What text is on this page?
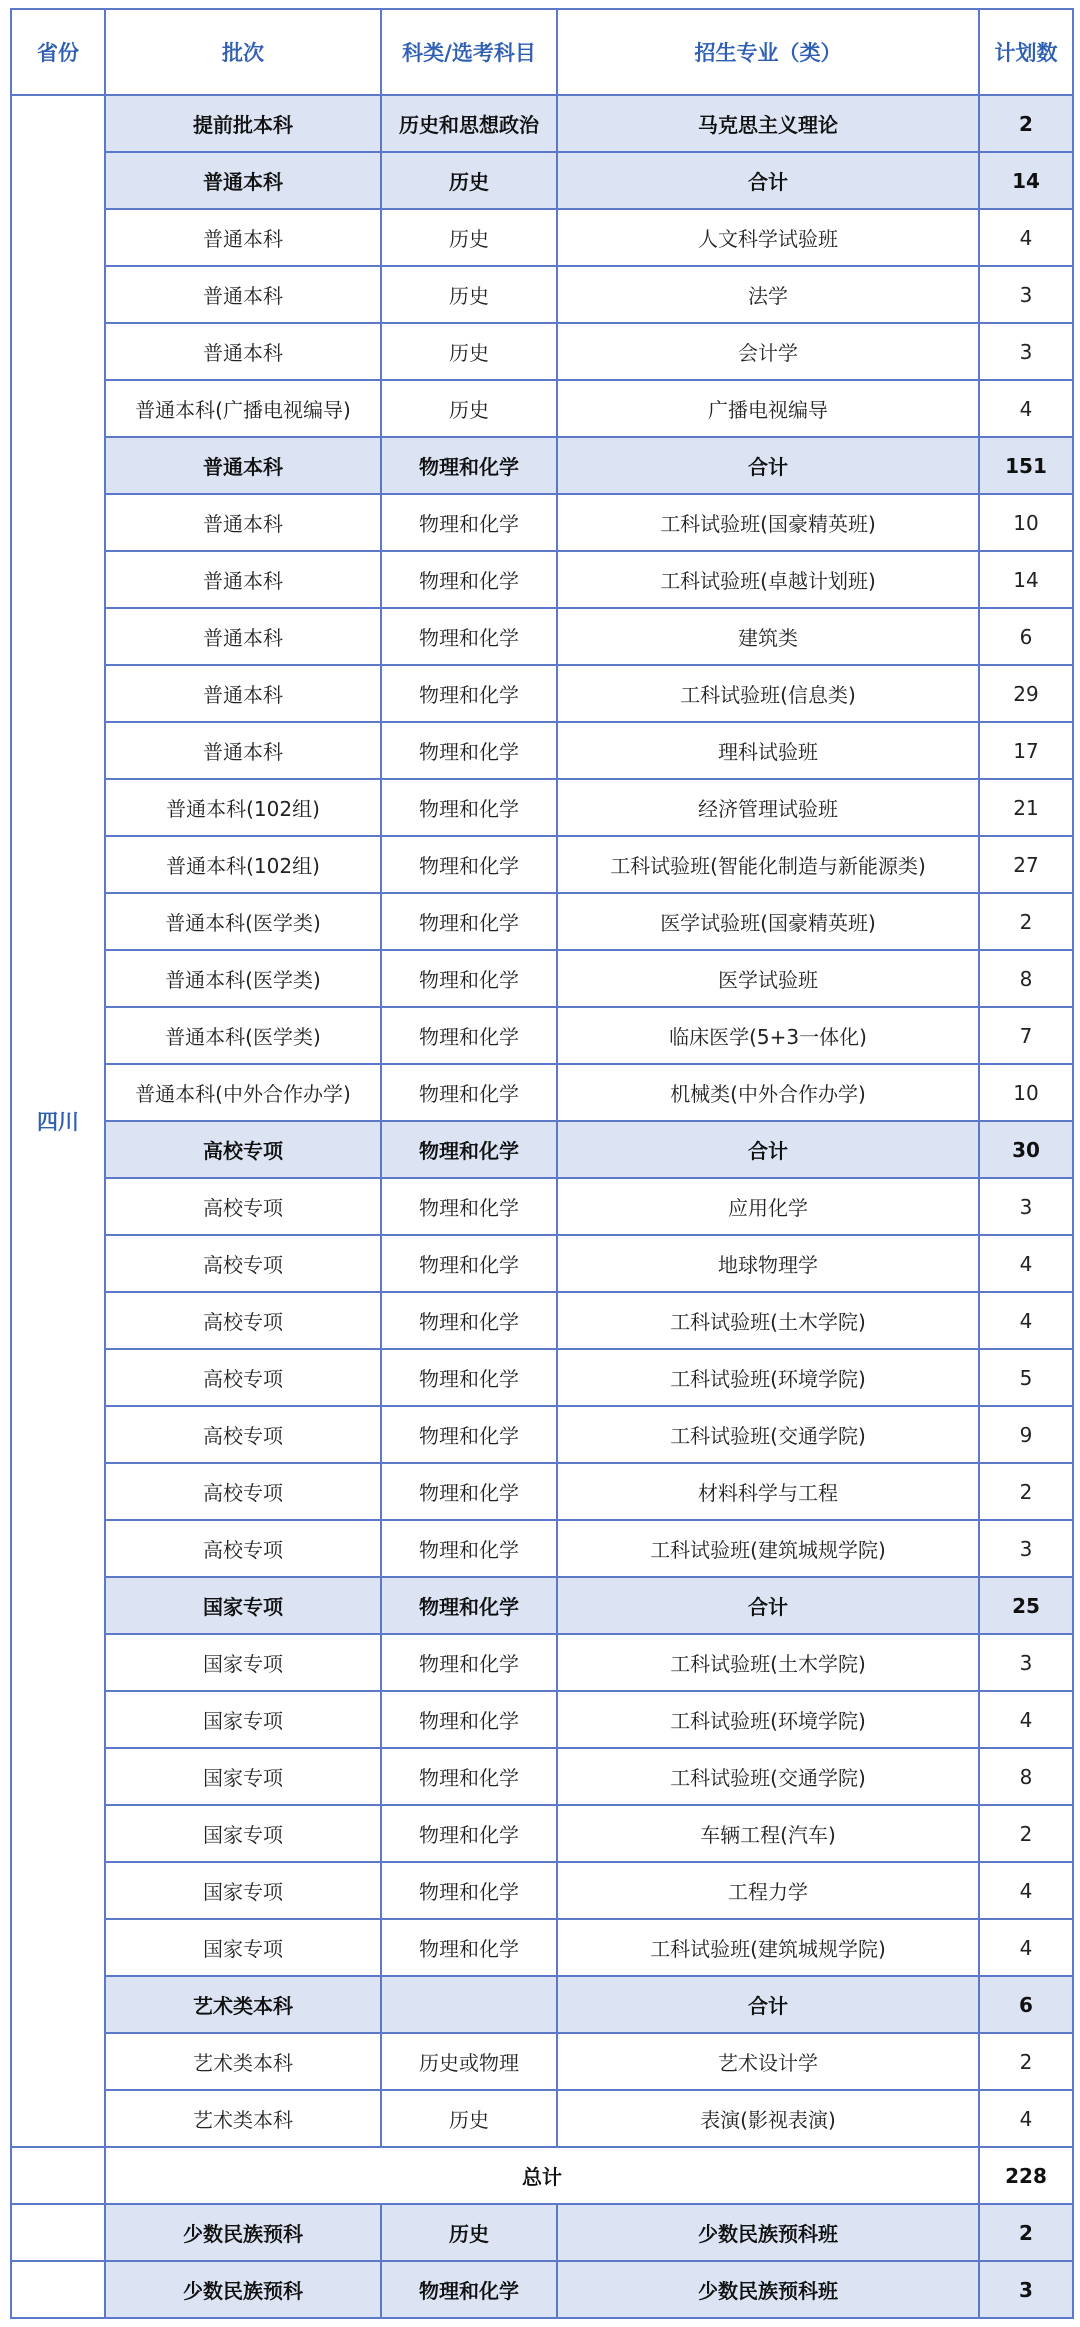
省份	批次	科类/选考科目	招生专业（类）	计划数
四川	提前批本科	历史和思想政治	马克思主义理论	2
	普通本科	历史	合计	14
	普通本科	历史	人文科学试验班	4
	普通本科	历史	法学	3
	普通本科	历史	会计学	3
	普通本科(广播电视编导)	历史	广播电视编导	4
	普通本科	物理和化学	合计	151
	普通本科	物理和化学	工科试验班(国豪精英班)	10
	普通本科	物理和化学	工科试验班(卓越计划班)	14
	普通本科	物理和化学	建筑类	6
	普通本科	物理和化学	工科试验班(信息类)	29
	普通本科	物理和化学	理科试验班	17
	普通本科(102组)	物理和化学	经济管理试验班	21
	普通本科(102组)	物理和化学	工科试验班(智能化制造与新能源类)	27
	普通本科(医学类)	物理和化学	医学试验班(国豪精英班)	2
	普通本科(医学类)	物理和化学	医学试验班	8
	普通本科(医学类)	物理和化学	临床医学(5+3一体化)	7
	普通本科(中外合作办学)	物理和化学	机械类(中外合作办学)	10
	高校专项	物理和化学	合计	30
	高校专项	物理和化学	应用化学	3
	高校专项	物理和化学	地球物理学	4
	高校专项	物理和化学	工科试验班(土木学院)	4
	高校专项	物理和化学	工科试验班(环境学院)	5
	高校专项	物理和化学	工科试验班(交通学院)	9
	高校专项	物理和化学	材料科学与工程	2
	高校专项	物理和化学	工科试验班(建筑城规学院)	3
	国家专项	物理和化学	合计	25
	国家专项	物理和化学	工科试验班(土木学院)	3
	国家专项	物理和化学	工科试验班(环境学院)	4
	国家专项	物理和化学	工科试验班(交通学院)	8
	国家专项	物理和化学	车辆工程(汽车)	2
	国家专项	物理和化学	工程力学	4
	国家专项	物理和化学	工科试验班(建筑城规学院)	4
	艺术类本科		合计	6
	艺术类本科	历史或物理	艺术设计学	2
	艺术类本科	历史	表演(影视表演)	4
	总计			228
	少数民族预科	历史	少数民族预科班	2
	少数民族预科	物理和化学	少数民族预科班	3
